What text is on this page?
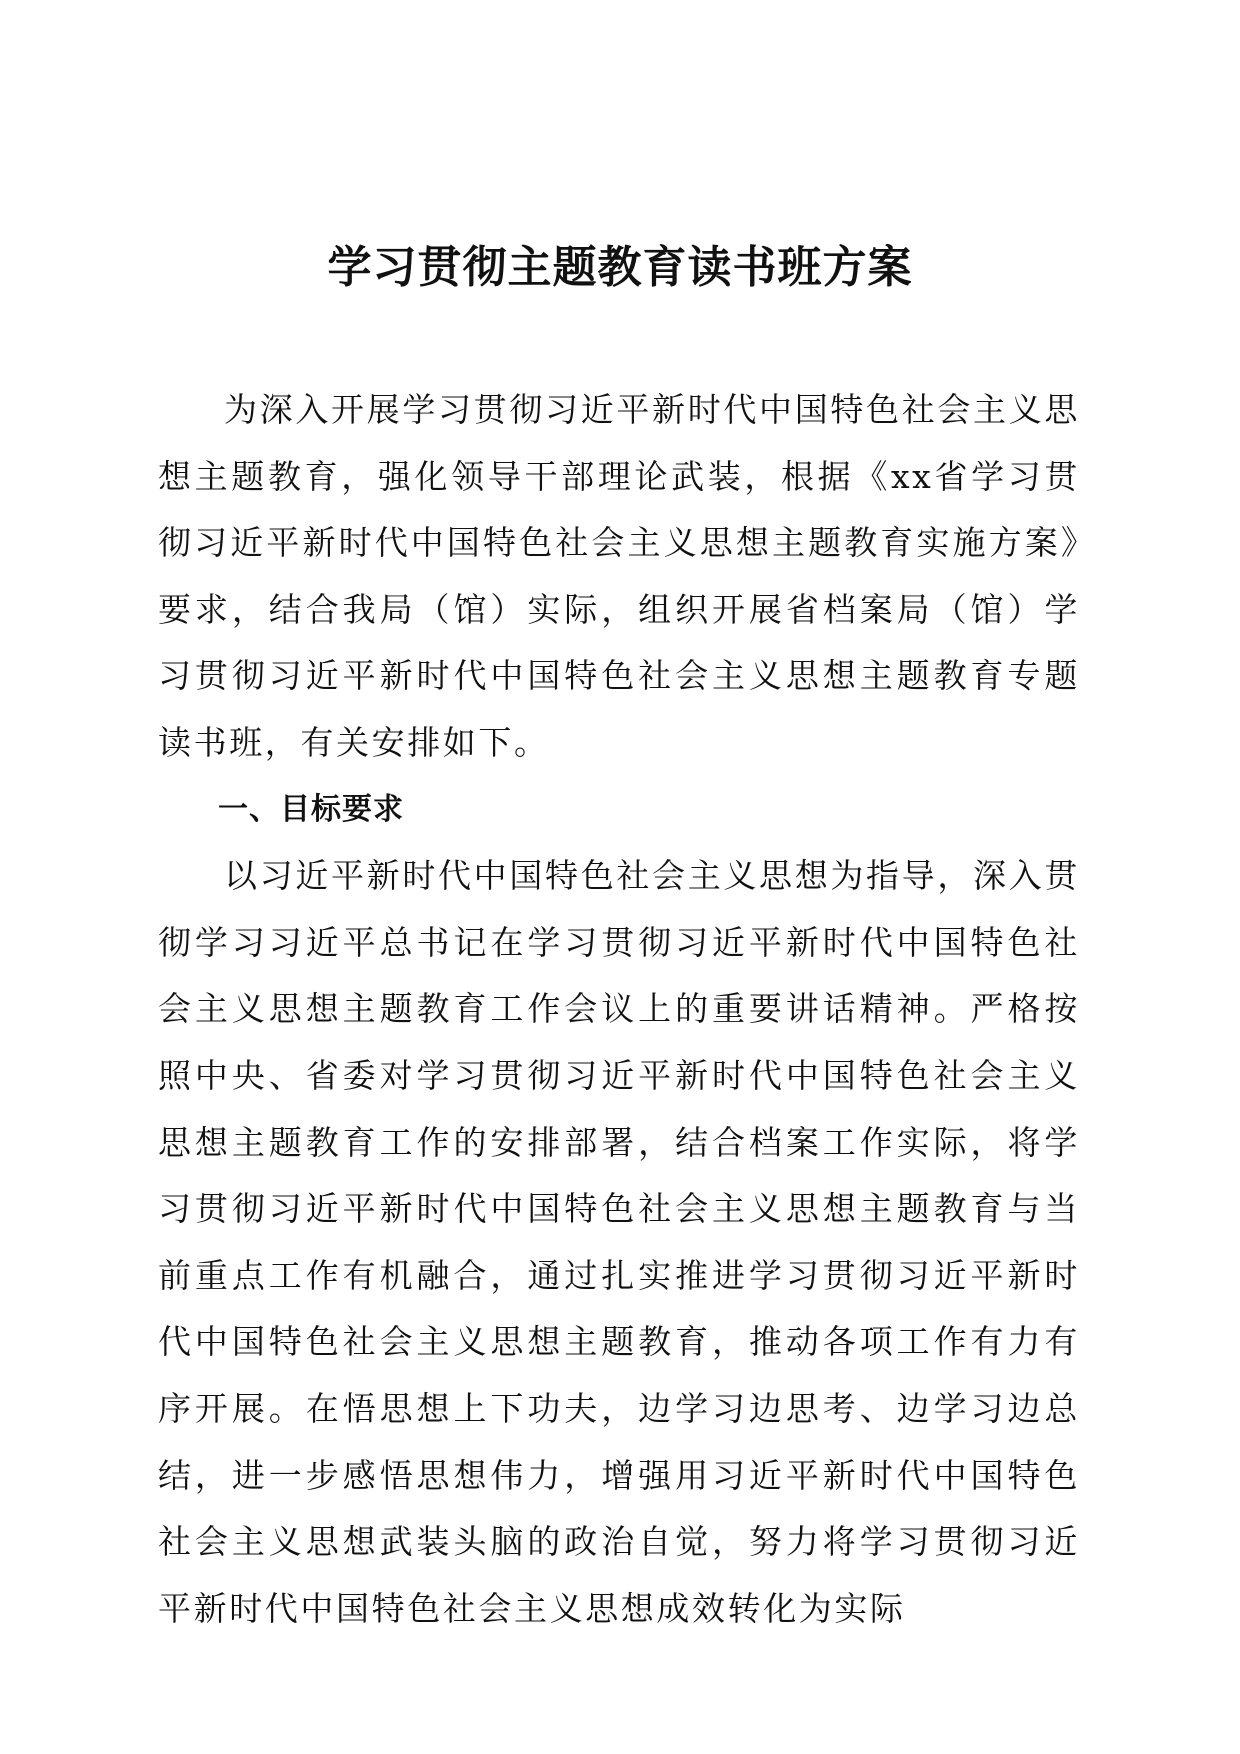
学习贯彻主题教育读书班方案

为深入开展学习贯彻习近平新时代中国特色社会主义思想主题教育，强化领导干部理论武装，根据《xx省学习贯彻习近平新时代中国特色社会主义思想主题教育实施方案》要求，结合我局（馆）实际，组织开展省档案局（馆）学习贯彻习近平新时代中国特色社会主义思想主题教育专题读书班，有关安排如下。

一、目标要求

以习近平新时代中国特色社会主义思想为指导，深入贯彻学习习近平总书记在学习贯彻习近平新时代中国特色社会主义思想主题教育工作会议上的重要讲话精神。严格按照中央、省委对学习贯彻习近平新时代中国特色社会主义思想主题教育工作的安排部署，结合档案工作实际，将学习贯彻习近平新时代中国特色社会主义思想主题教育与当前重点工作有机融合，通过扎实推进学习贯彻习近平新时代中国特色社会主义思想主题教育，推动各项工作有力有序开展。在悟思想上下功夫，边学习边思考、边学习边总结，进一步感悟思想伟力，增强用习近平新时代中国特色社会主义思想武装头脑的政治自觉，努力将学习贯彻习近平新时代中国特色社会主义思想成效转化为实际
